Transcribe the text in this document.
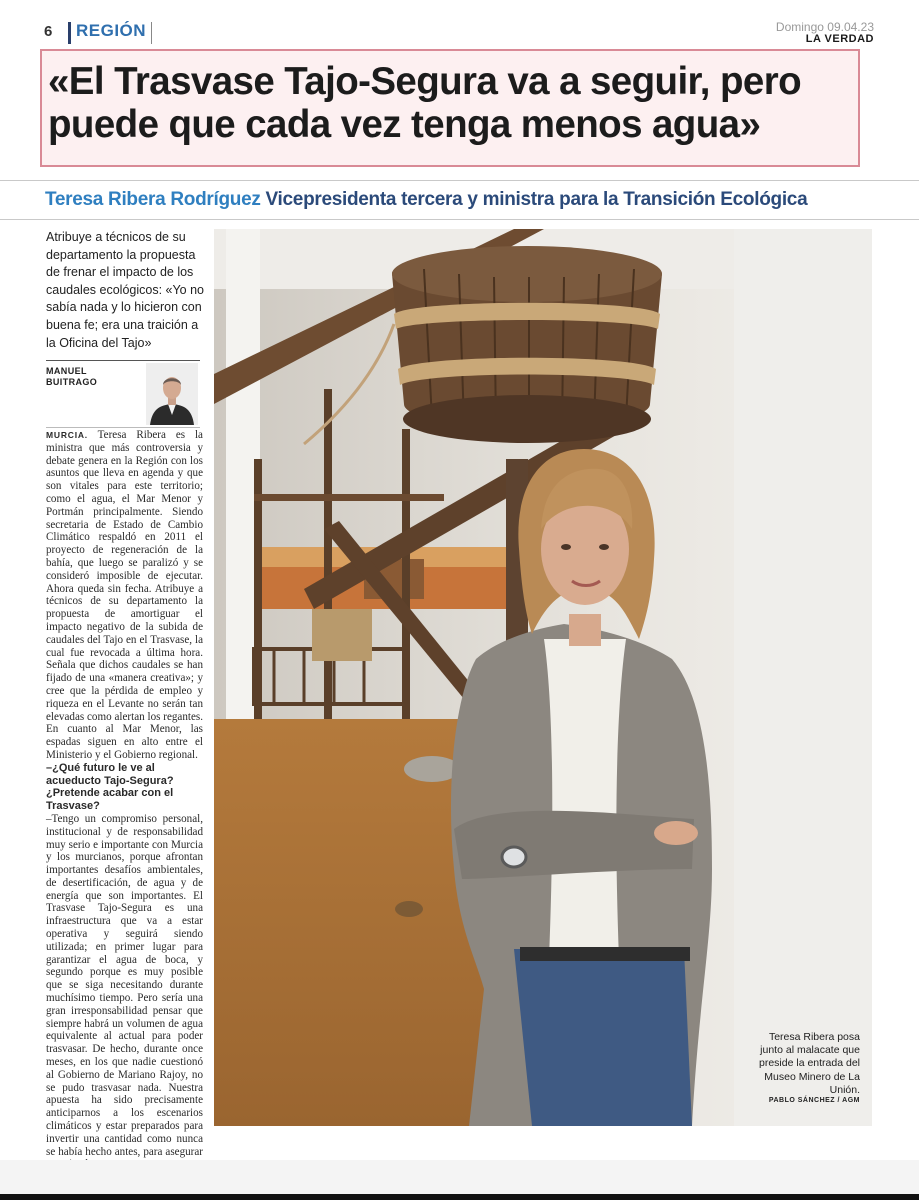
6 REGIÓN	Domingo 09.04.23
LA VERDAD
«El Trasvase Tajo-Segura va a seguir, pero puede que cada vez tenga menos agua»
Teresa Ribera Rodríguez Vicepresidenta tercera y ministra para la Transición Ecológica

Atribuye a técnicos de su departamento la propuesta de frenar el impacto de los caudales ecológicos: «Yo no sabía nada y lo hicieron con buena fe; era una traición a la Oficina del Tajo»

MANUEL
BUITRAGO

MURCIA. Teresa Ribera es la ministra que más controversia y debate genera en la Región con los asuntos que lleva en agenda y que son vitales para este territorio; como el agua, el Mar Menor y Portmán principalmente. Siendo secretaria de Estado de Cambio Climático respaldó en 2011 el proyecto de regeneración de la bahía, que luego se paralizó y se consideró imposible de ejecutar. Ahora queda sin fecha. Atribuye a técnicos de su departamento la propuesta de amortiguar el impacto negativo de la subida de caudales del Tajo en el Trasvase, la cual fue revocada a última hora. Señala que dichos caudales se han fijado de una «manera creativa»; y cree que la pérdida de empleo y riqueza en el Levante no serán tan elevadas como alertan los regantes. En cuanto al Mar Menor, las espadas siguen en alto entre el Ministerio y el Gobierno regional.

–¿Qué futuro le ve al acueducto Tajo-Segura? ¿Pretende acabar con el Trasvase?

–Tengo un compromiso personal, institucional y de responsabilidad muy serio e importante con Murcia y los murcianos, porque afrontan importantes desafíos ambientales, de desertificación, de agua y de energía que son importantes. El Trasvase Tajo-Segura es una infraestructura que va a estar operativa y seguirá siendo utilizada; en primer lugar para garantizar el agua de boca, y segundo porque es muy posible que se siga necesitando durante muchísimo tiempo. Pero sería una gran irresponsabilidad pensar que siempre habrá un volumen de agua equivalente al actual para poder trasvasar. De hecho, durante once meses, en los que nadie cuestionó al Gobierno de Mariano Rajoy, no se pudo trasvasar nada. Nuestra apuesta ha sido precisamente anticiparnos a los escenarios climáticos y estar preparados para invertir una cantidad como nunca se había hecho antes, para asegurar

Teresa Ribera posa junto al malacate que preside la entrada del Museo Minero de La Unión.

PABLO SÁNCHEZ / AGM
